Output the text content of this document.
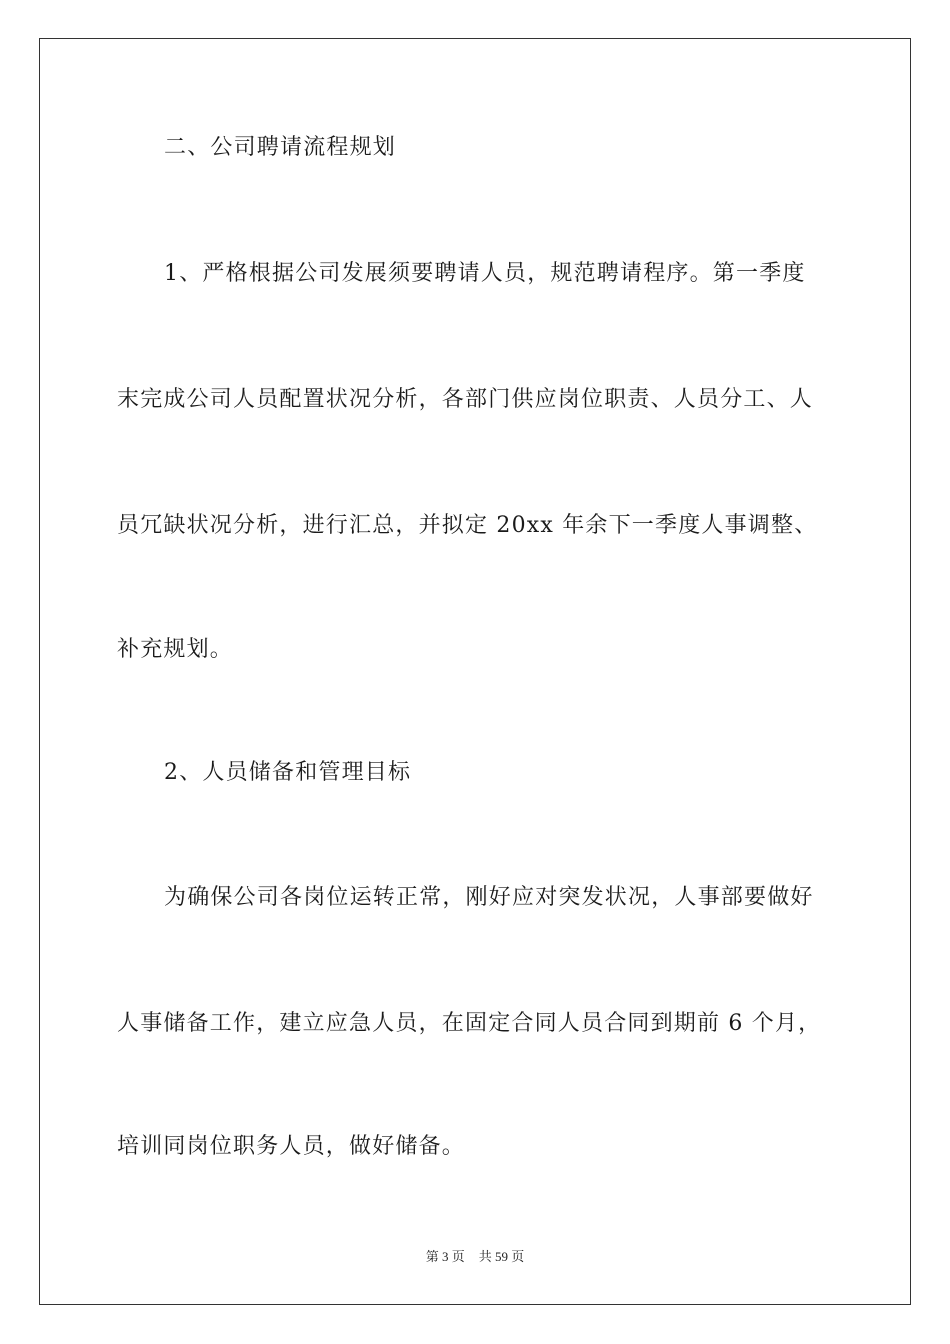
二、公司聘请流程规划
1、严格根据公司发展须要聘请人员，规范聘请程序。第一季度
末完成公司人员配置状况分析，各部门供应岗位职责、人员分工、人
员冗缺状况分析，进行汇总，并拟定 20xx 年余下一季度人事调整、
补充规划。
2、人员储备和管理目标
为确保公司各岗位运转正常，刚好应对突发状况，人事部要做好
人事储备工作，建立应急人员，在固定合同人员合同到期前 6 个月，
培训同岗位职务人员，做好储备。
第 3 页 共 59 页
